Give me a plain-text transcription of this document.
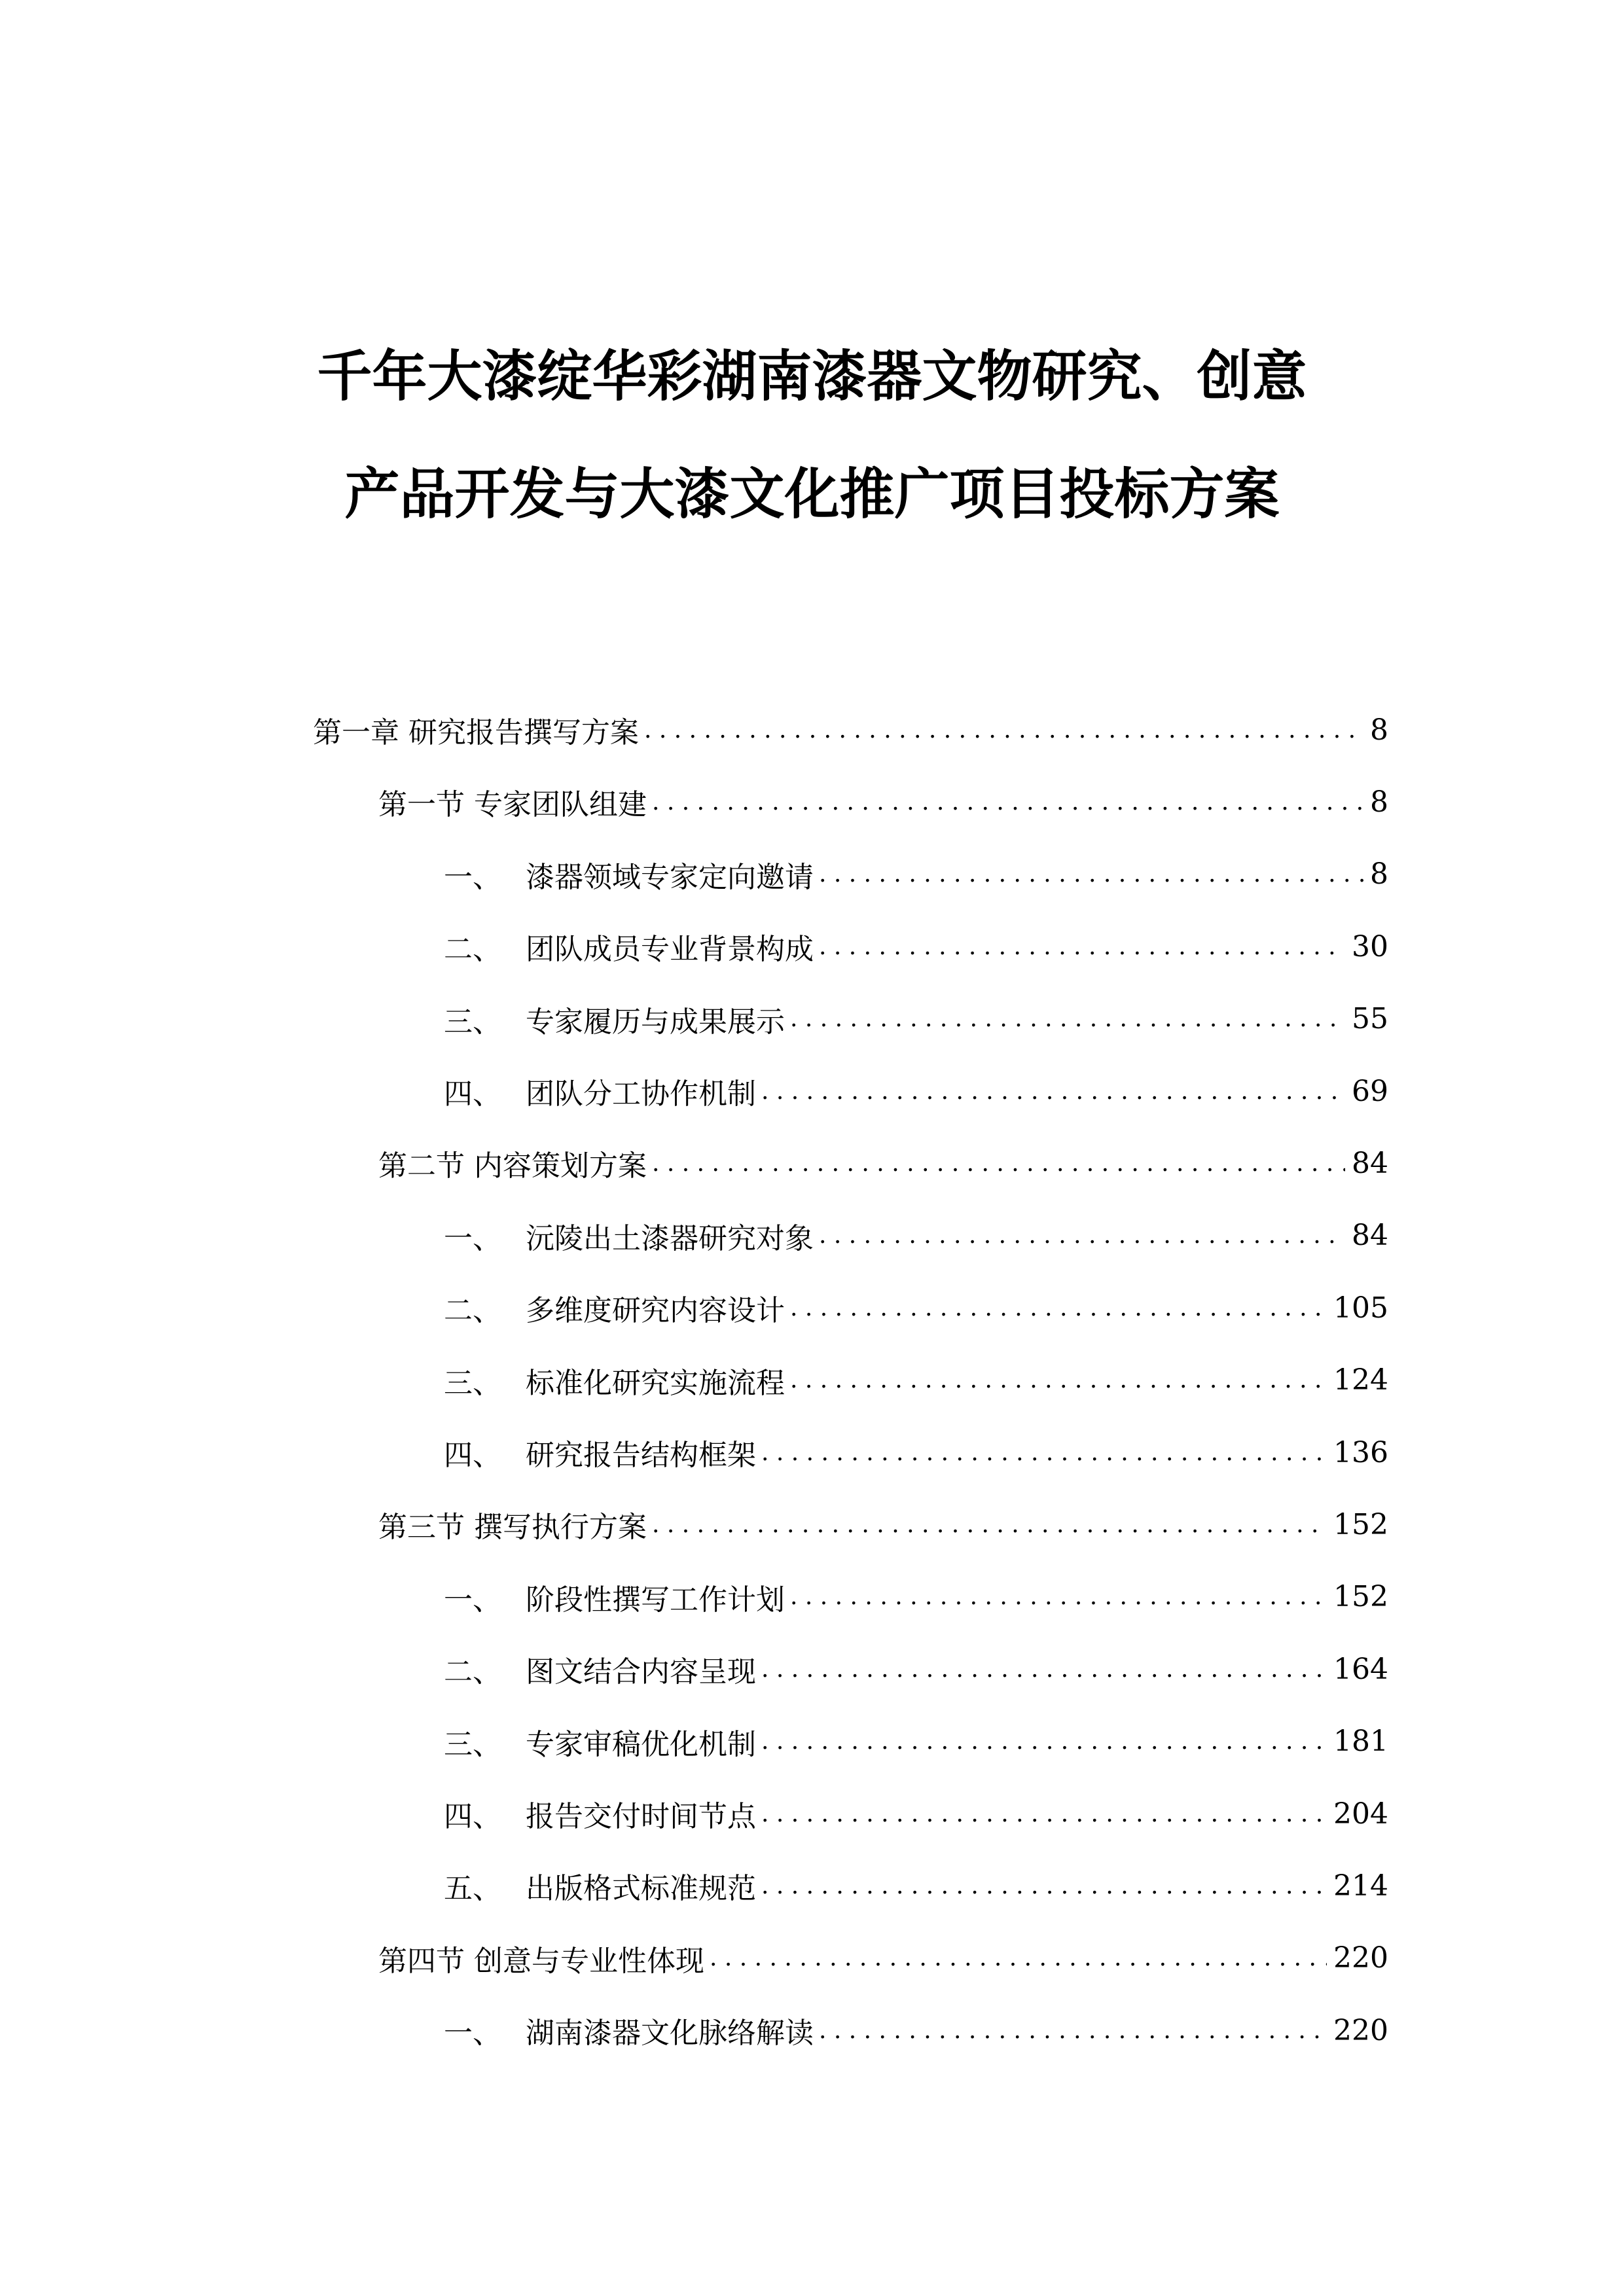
千年大漆绽华彩湖南漆器文物研究、创意
产品开发与大漆文化推广项目投标方案
第一章 研究报告撰写方案 . . .	8
第一节 专家团队组建 . . .	8
一、 漆器领域专家定向邀请 . . .	8
二、 团队成员专业背景构成 . . .	30
三、 专家履历与成果展示 . . .	55
四、 团队分工协作机制 . . .	69
第二节 内容策划方案 . . .	84
一、 沅陵出土漆器研究对象 . . .	84
二、 多维度研究内容设计 . . .	105
三、 标准化研究实施流程 . . .	124
四、 研究报告结构框架 . . .	136
第三节 撰写执行方案 . . .	152
一、 阶段性撰写工作计划 . . .	152
二、 图文结合内容呈现 . . .	164
三、 专家审稿优化机制 . . .	181
四、 报告交付时间节点 . . .	204
五、 出版格式标准规范 . . .	214
第四节 创意与专业性体现 . . .	220
一、 湖南漆器文化脉络解读 . . .	220
